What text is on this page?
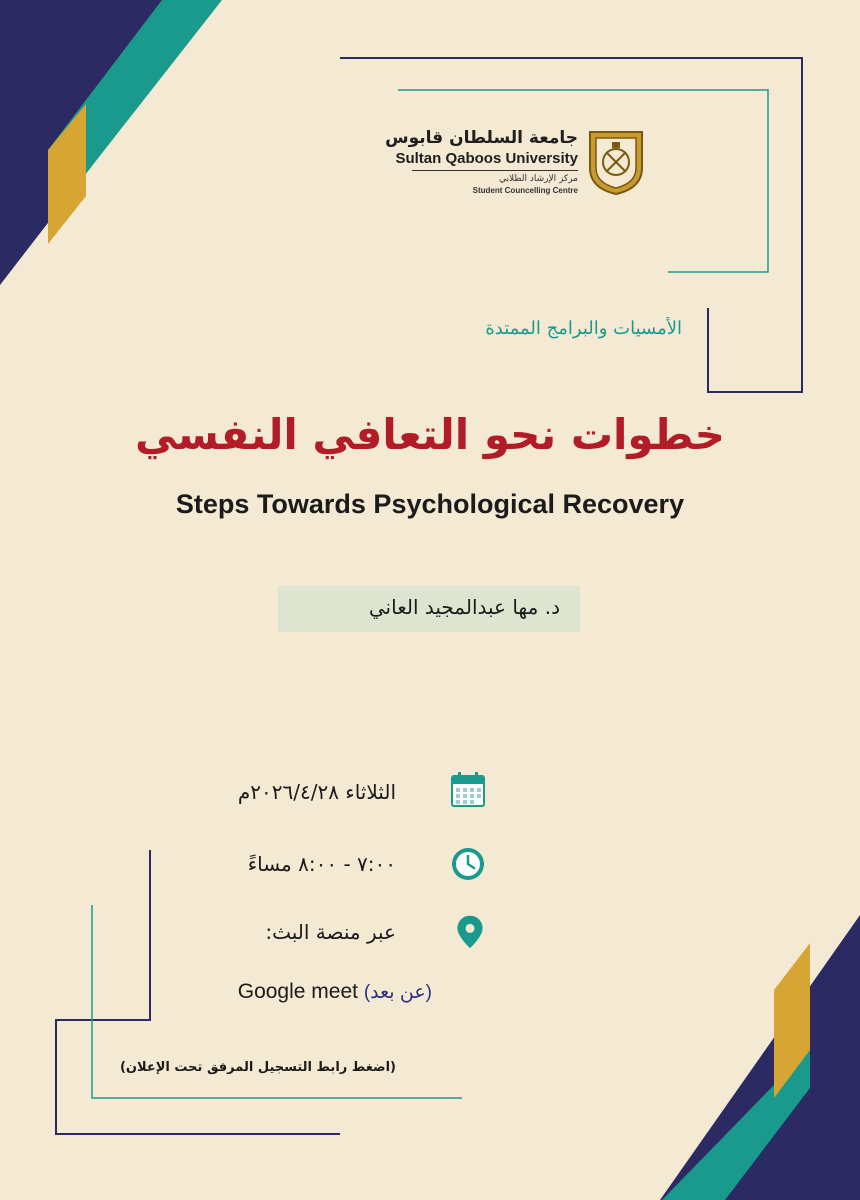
جامعة السلطان قابوس
Sultan Qaboos University
مركز الإرشاد الطلابي
Student Councelling Centre
الأمسيات والبرامج الممتدة
خطوات نحو التعافي النفسي
Steps Towards Psychological Recovery
د. مها عبدالمجيد العاني
الثلاثاء ٢٠٢٦/٤/٢٨م
٧:٠٠ - ٨:٠٠ مساءً
عبر منصة البث:
Google meet (عن بعد)
(اضغط رابط التسجيل المرفق تحت الإعلان)
